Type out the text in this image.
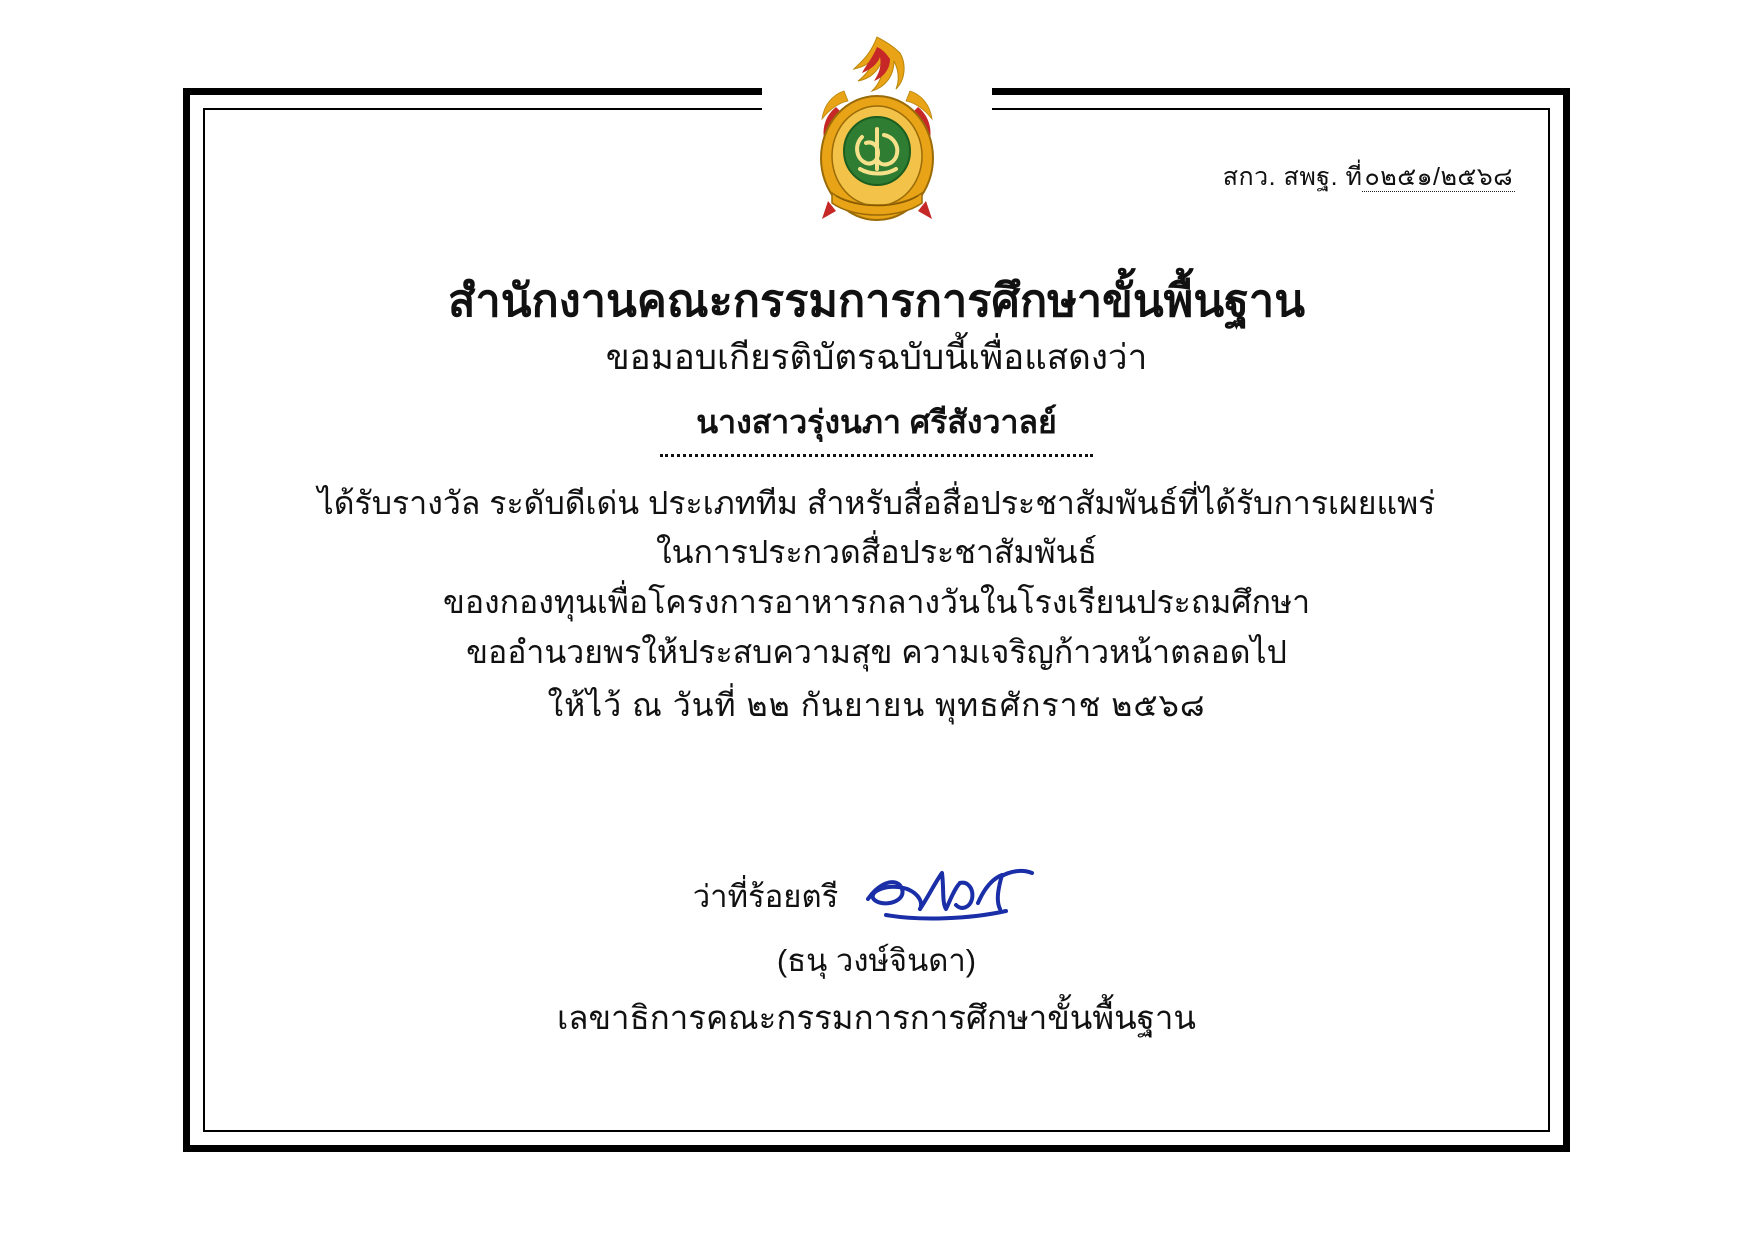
สกว. สพฐ. ที่๐๒๕๑/๒๕๖๘
สำนักงานคณะกรรมการการศึกษาขั้นพื้นฐาน
ขอมอบเกียรติบัตรฉบับนี้เพื่อแสดงว่า
นางสาวรุ่งนภา ศรีสังวาลย์
ได้รับรางวัล ระดับดีเด่น ประเภททีม สำหรับสื่อสื่อประชาสัมพันธ์ที่ได้รับการเผยแพร่
ในการประกวดสื่อประชาสัมพันธ์
ของกองทุนเพื่อโครงการอาหารกลางวันในโรงเรียนประถมศึกษา
ขออำนวยพรให้ประสบความสุข ความเจริญก้าวหน้าตลอดไป
ให้ไว้ ณ วันที่ ๒๒ กันยายน พุทธศักราช ๒๕๖๘
ว่าที่ร้อยตรี
(ธนุ วงษ์จินดา)
เลขาธิการคณะกรรมการการศึกษาขั้นพื้นฐาน
